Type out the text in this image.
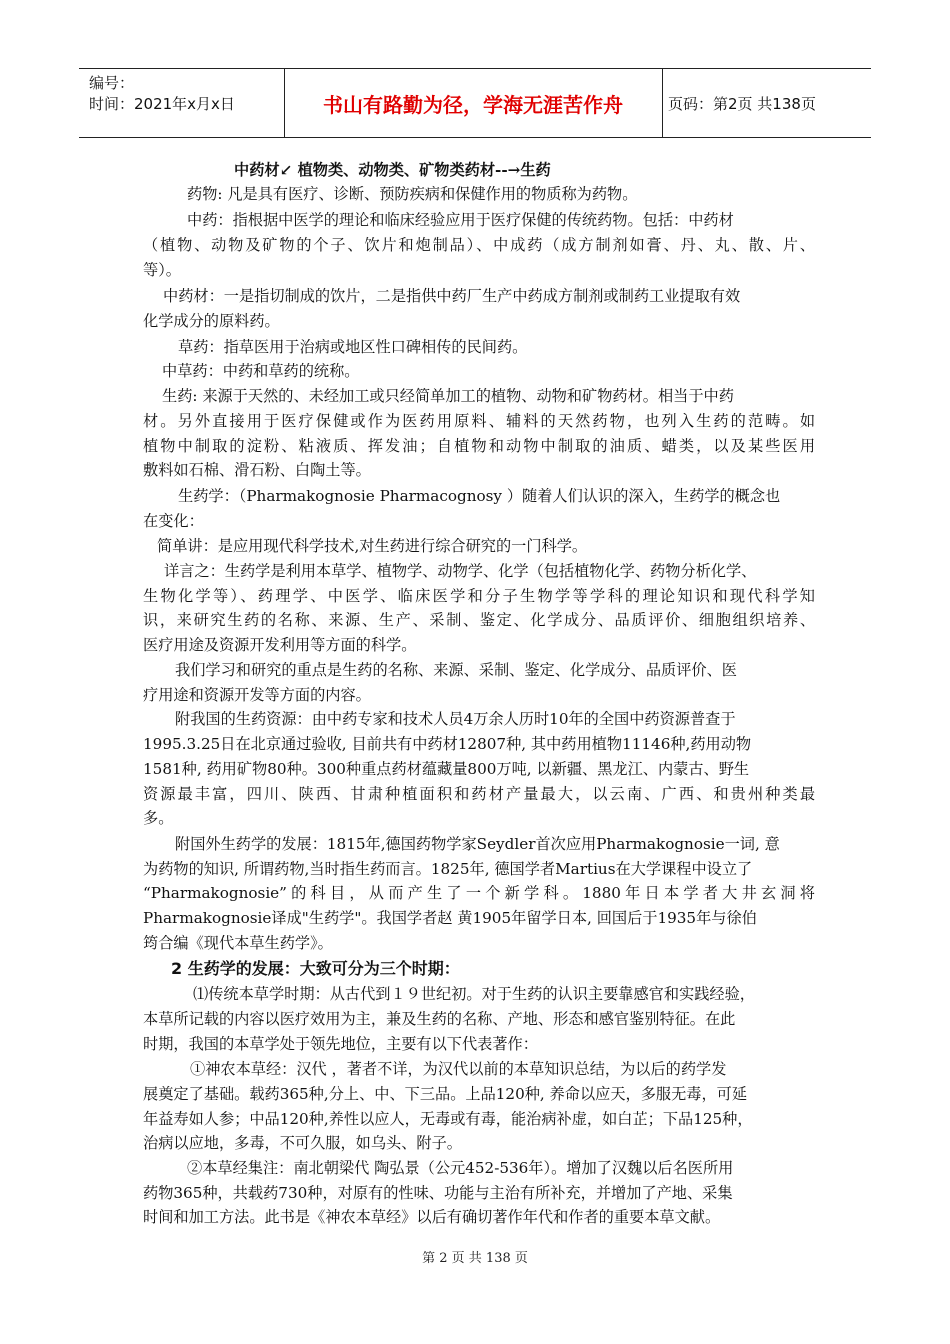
编号：
时间：2021年x月x日	书山有路勤为径，学海无涯苦作舟	页码：第2页 共138页
中药材↙ 植物类、动物类、矿物类药材--→生药
药物: 凡是具有医疗、诊断、预防疾病和保健作用的物质称为药物。
中药：指根据中医学的理论和临床经验应用于医疗保健的传统药物。包括：中药材
（植物、动物及矿物的个子、饮片和炮制品）、中成药（成方制剂如膏、丹、丸、散、片、
等）。
中药材：一是指切制成的饮片，二是指供中药厂生产中药成方制剂或制药工业提取有效
化学成分的原料药。
草药：指草医用于治病或地区性口碑相传的民间药。
中草药：中药和草药的统称。
生药: 来源于天然的、未经加工或只经简单加工的植物、动物和矿物药材。相当于中药
材。另外直接用于医疗保健或作为医药用原料、辅料的天然药物，也列入生药的范畴。如
植物中制取的淀粉、粘液质、挥发油；自植物和动物中制取的油质、蜡类，以及某些医用
敷料如石棉、滑石粉、白陶土等。
生药学：（Pharmakognosie Pharmacognosy ）随着人们认识的深入，生药学的概念也
在变化：
简单讲：是应用现代科学技术,对生药进行综合研究的一门科学。
详言之：生药学是利用本草学、植物学、动物学、化学（包括植物化学、药物分析化学、
生物化学等）、药理学、中医学、临床医学和分子生物学等学科的理论知识和现代科学知
识，来研究生药的名称、来源、生产、采制、鉴定、化学成分、品质评价、细胞组织培养、
医疗用途及资源开发利用等方面的科学。
我们学习和研究的重点是生药的名称、来源、采制、鉴定、化学成分、品质评价、医
疗用途和资源开发等方面的内容。
附我国的生药资源：由中药专家和技术人员4万余人历时10年的全国中药资源普查于
1995.3.25日在北京通过验收, 目前共有中药材12807种, 其中药用植物11146种,药用动物
1581种, 药用矿物80种。300种重点药材蕴藏量800万吨, 以新疆、黑龙江、内蒙古、野生
资源最丰富，四川、陕西、甘肃种植面积和药材产量最大，以云南、广西、和贵州种类最
多。
附国外生药学的发展：1815年,德国药物学家Seydler首次应用Pharmakognosie一词, 意
为药物的知识, 所谓药物,当时指生药而言。1825年, 德国学者Martius在大学课程中设立了
“Pharmakognosie”的科目，从而产生了一个新学科。1880年日本学者大井玄洞将
Pharmakognosie译成"生药学"。我国学者赵 黄1905年留学日本, 回国后于1935年与徐伯
筠合编《现代本草生药学》。
2 生药学的发展：大致可分为三个时期：
⑴传统本草学时期：从古代到１９世纪初。对于生药的认识主要靠感官和实践经验，
本草所记载的内容以医疗效用为主，兼及生药的名称、产地、形态和感官鉴别特征。在此
时期，我国的本草学处于领先地位，主要有以下代表著作：
①神农本草经：汉代 ，著者不详，为汉代以前的本草知识总结，为以后的药学发
展奠定了基础。载药365种,分上、中、下三品。上品120种, 养命以应天，多服无毒，可延
年益寿如人参；中品120种,养性以应人，无毒或有毒，能治病补虚，如白芷；下品125种，
治病以应地，多毒，不可久服，如乌头、附子。
②本草经集注：南北朝梁代 陶弘景（公元452-536年）。增加了汉魏以后名医所用
药物365种，共载药730种，对原有的性味、功能与主治有所补充，并增加了产地、采集
时间和加工方法。此书是《神农本草经》以后有确切著作年代和作者的重要本草文献。
第 2 页 共 138 页
